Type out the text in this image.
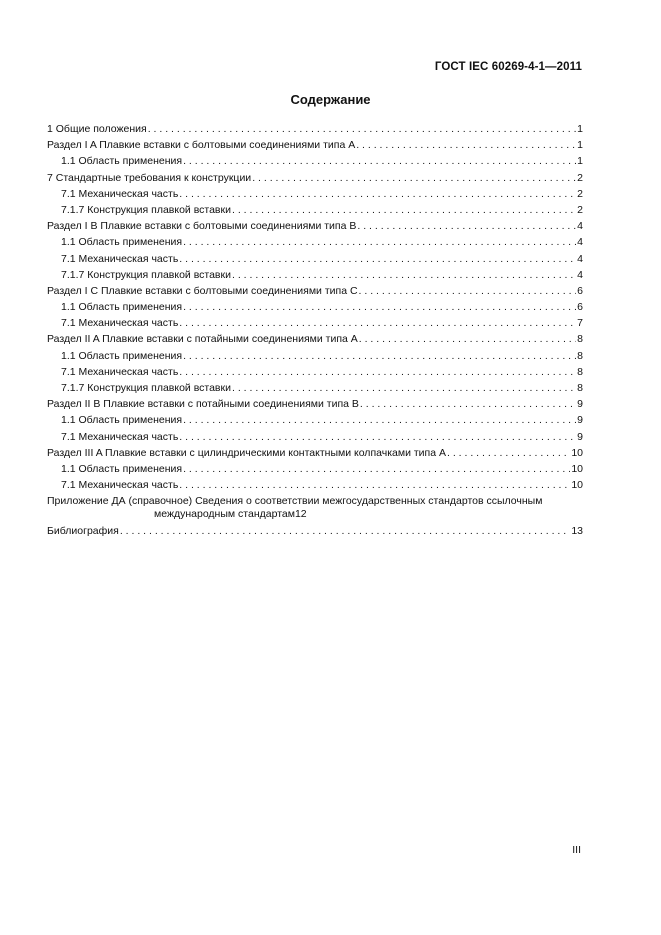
ГОСТ IEC 60269-4-1—2011
Содержание
1 Общие положения . . .	1
Раздел I A Плавкие вставки с болтовыми соединениями типа А . . .	1
1.1 Область применения . . .	1
7 Стандартные требования к конструкции . . .	2
7.1 Механическая часть . . .	2
7.1.7 Конструкция плавкой вставки . . .	2
Раздел I B Плавкие вставки с болтовыми соединениями типа В . . .	4
1.1 Область применения . . .	4
7.1 Механическая часть . . .	4
7.1.7 Конструкция плавкой вставки . . .	4
Раздел I C Плавкие вставки с болтовыми соединениями типа С . . .	6
1.1 Область применения . . .	6
7.1 Механическая часть . . .	7
Раздел II A Плавкие вставки с потайными соединениями типа А . . .	8
1.1 Область применения . . .	8
7.1 Механическая часть . . .	8
7.1.7 Конструкция плавкой вставки . . .	8
Раздел II B Плавкие вставки с потайными соединениями типа В . . .	9
1.1 Область применения . . .	9
7.1 Механическая часть . . .	9
Раздел III A Плавкие вставки с цилиндрическими контактными колпачками типа А . . .	10
1.1 Область применения . . .	10
7.1 Механическая часть . . .	10
Приложение ДА (справочное) Сведения о соответствии межгосударственных стандартов ссылочным
международным стандартам 12
Библиография . . .	13
III
